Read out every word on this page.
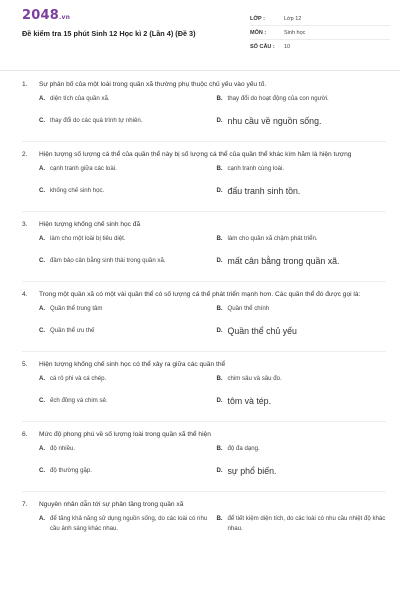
2048.vn
Đề kiểm tra 15 phút Sinh 12 Học kì 2 (Lần 4) (Đề 3)
LỚP :	Lớp 12
MÔN :	Sinh học
SỐ CÂU :	10
1.	Sự phân bố của một loài trong quần xã thường phụ thuộc chủ yếu vào yếu tố.
A. diện tích của quần xã.	B. thay đổi do hoạt động của con người.
C. thay đổi do các quá trình tự nhiên.	D. nhu cầu về nguồn sống.
2.	Hiện tượng số lượng cá thể của quần thể này bị số lượng cá thể của quần thể khác kìm hãm là hiện tượng
A. cạnh tranh giữa các loài.	B. cạnh tranh cùng loài.
C. khống chế sinh học.	D. đấu tranh sinh tồn.
3.	Hiện tượng khống chế sinh học đã
A. làm cho một loài bị tiêu diệt.	B. làm cho quần xã chậm phát triển.
C. đảm bảo cân bằng sinh thái trong quần xã.	D. mất cân bằng trong quần xã.
4.	Trong một quần xã có một vài quần thể có số lượng cá thể phát triển mạnh hơn. Các quần thể đó được gọi là:
A. Quần thể trung tâm	B. Quần thể chính
C. Quần thể ưu thế	D. Quần thể chủ yếu
5.	Hiện tượng khống chế sinh học có thể xảy ra giữa các quần thể
A. cá rô phi và cá chép.	B. chim sâu và sâu đo.
C. ếch đồng và chim sẻ.	D. tôm và tép.
6.	Mức độ phong phú về số lượng loài trong quần xã thể hiện
A. độ nhiều.	B. độ đa dạng.
C. độ thường gặp.	D. sự phổ biến.
7.	Nguyên nhân dẫn tới sự phân tầng trong quần xã
A. để tăng khả năng sử dụng nguồn sống, do các loài có nhu cầu ánh sáng khác nhau.
B. để tiết kiệm diện tích, do các loài có nhu cầu nhiệt độ khác nhau.
